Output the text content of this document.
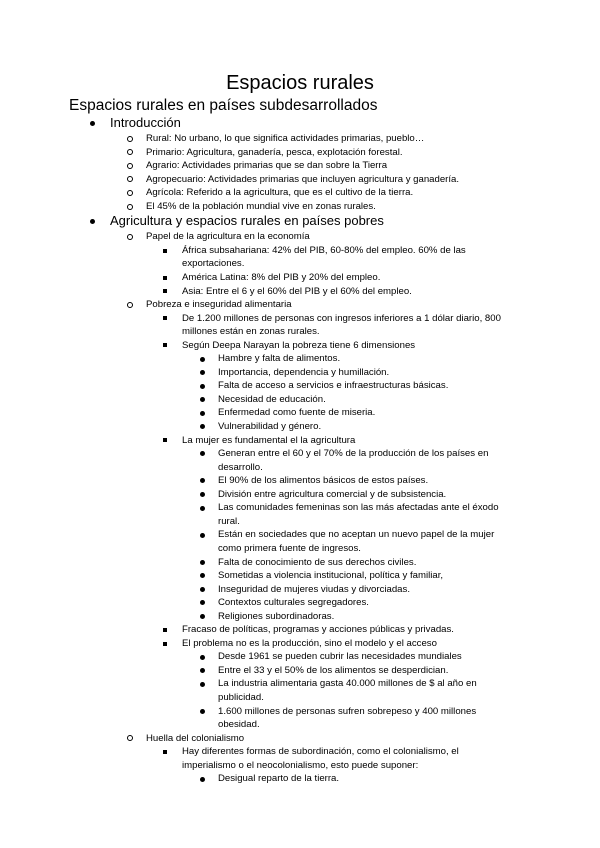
Espacios rurales
Espacios rurales en países subdesarrollados
Introducción
Rural: No urbano, lo que significa actividades primarias, pueblo…
Primario: Agricultura, ganadería, pesca, explotación forestal.
Agrario: Actividades primarias que se dan sobre la Tierra
Agropecuario: Actividades primarias que incluyen agricultura y ganadería.
Agrícola: Referido a la agricultura, que es el cultivo de la tierra.
El 45% de la población mundial vive en zonas rurales.
Agricultura y espacios rurales en países pobres
Papel de la agricultura en la economía
África subsahariana: 42% del PIB, 60-80% del empleo. 60% de las
exportaciones.
América Latina: 8% del PIB y 20% del empleo.
Asia: Entre el 6 y el 60% del PIB y el 60% del empleo.
Pobreza e inseguridad alimentaria
De 1.200 millones de personas con ingresos inferiores a 1 dólar diario, 800
millones están en zonas rurales.
Según Deepa Narayan la pobreza tiene 6 dimensiones
Hambre y falta de alimentos.
Importancia, dependencia y humillación.
Falta de acceso a servicios e infraestructuras básicas.
Necesidad de educación.
Enfermedad como fuente de miseria.
Vulnerabilidad y género.
La mujer es fundamental el la agricultura
Generan entre el 60 y el 70% de la producción de los países en
desarrollo.
El 90% de los alimentos básicos de estos países.
División entre agricultura comercial y de subsistencia.
Las comunidades femeninas son las más afectadas ante el éxodo
rural.
Están en sociedades que no aceptan un nuevo papel de la mujer
como primera fuente de ingresos.
Falta de conocimiento de sus derechos civiles.
Sometidas a violencia institucional, política y familiar,
Inseguridad de mujeres viudas y divorciadas.
Contextos culturales segregadores.
Religiones subordinadoras.
Fracaso de políticas, programas y acciones públicas y privadas.
El problema no es la producción, sino el modelo y el acceso
Desde 1961 se pueden cubrir las necesidades mundiales
Entre el 33 y el 50% de los alimentos se desperdician.
La industria alimentaria gasta 40.000 millones de $ al año en
publicidad.
1.600 millones de personas sufren sobrepeso y 400 millones
obesidad.
Huella del colonialismo
Hay diferentes formas de subordinación, como el colonialismo, el
imperialismo o el neocolonialismo, esto puede suponer:
Desigual reparto de la tierra.
